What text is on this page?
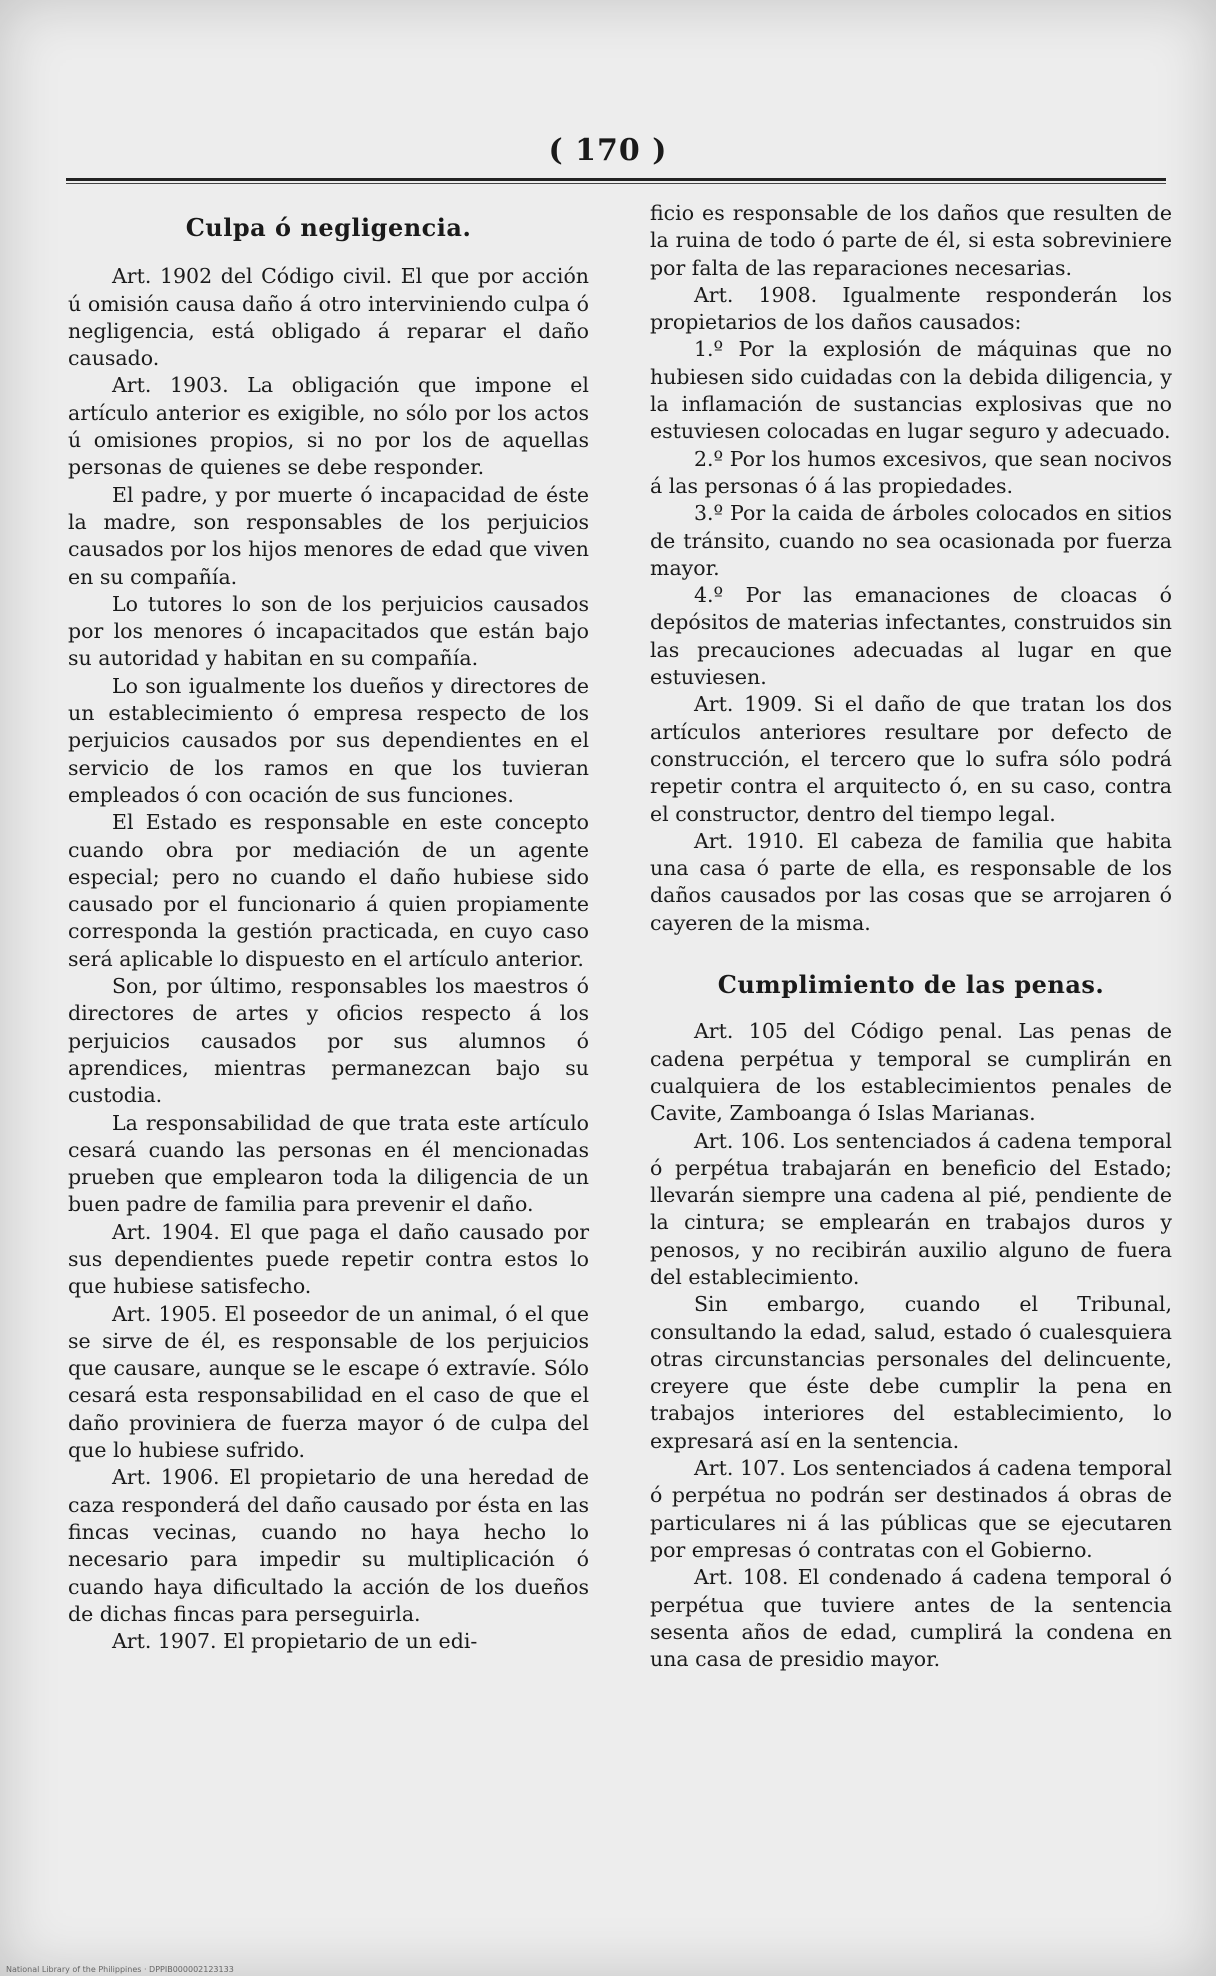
( 170 )
Culpa ó negligencia.

Art. 1902 del Código civil. El que por acción ú omisión causa daño á otro interviniendo culpa ó negligencia, está obligado á reparar el daño causado.

Art. 1903. La obligación que impone el artículo anterior es exigible, no sólo por los actos ú omisiones propios, si no por los de aquellas personas de quienes se debe responder.

El padre, y por muerte ó incapacidad de éste la madre, son responsables de los perjuicios causados por los hijos menores de edad que viven en su compañía.

Lo tutores lo son de los perjuicios causados por los menores ó incapacitados que están bajo su autoridad y habitan en su compañía.

Lo son igualmente los dueños y directores de un establecimiento ó empresa respecto de los perjuicios causados por sus dependientes en el servicio de los ramos en que los tuvieran empleados ó con ocación de sus funciones.

El Estado es responsable en este concepto cuando obra por mediación de un agente especial; pero no cuando el daño hubiese sido causado por el funcionario á quien propiamente corresponda la gestión practicada, en cuyo caso será aplicable lo dispuesto en el artículo anterior.

Son, por último, responsables los maestros ó directores de artes y oficios respecto á los perjuicios causados por sus alumnos ó aprendices, mientras permanezcan bajo su custodia.

La responsabilidad de que trata este artículo cesará cuando las personas en él mencionadas prueben que emplearon toda la diligencia de un buen padre de familia para prevenir el daño.

Art. 1904. El que paga el daño causado por sus dependientes puede repetir contra estos lo que hubiese satisfecho.

Art. 1905. El poseedor de un animal, ó el que se sirve de él, es responsable de los perjuicios que causare, aunque se le escape ó extravíe. Sólo cesará esta responsabilidad en el caso de que el daño proviniera de fuerza mayor ó de culpa del que lo hubiese sufrido.

Art. 1906. El propietario de una heredad de caza responderá del daño causado por ésta en las fincas vecinas, cuando no haya hecho lo necesario para impedir su multiplicación ó cuando haya dificultado la acción de los dueños de dichas fincas para perseguirla.

Art. 1907. El propietario de un edi-

ficio es responsable de los daños que resulten de la ruina de todo ó parte de él, si esta sobreviniere por falta de las reparaciones necesarias.

Art. 1908. Igualmente responderán los propietarios de los daños causados:

1.º Por la explosión de máquinas que no hubiesen sido cuidadas con la debida diligencia, y la inflamación de sustancias explosivas que no estuviesen colocadas en lugar seguro y adecuado.

2.º Por los humos excesivos, que sean nocivos á las personas ó á las propiedades.

3.º Por la caida de árboles colocados en sitios de tránsito, cuando no sea ocasionada por fuerza mayor.

4.º Por las emanaciones de cloacas ó depósitos de materias infectantes, construidos sin las precauciones adecuadas al lugar en que estuviesen.

Art. 1909. Si el daño de que tratan los dos artículos anteriores resultare por defecto de construcción, el tercero que lo sufra sólo podrá repetir contra el arquitecto ó, en su caso, contra el constructor, dentro del tiempo legal.

Art. 1910. El cabeza de familia que habita una casa ó parte de ella, es responsable de los daños causados por las cosas que se arrojaren ó cayeren de la misma.

Cumplimiento de las penas.

Art. 105 del Código penal. Las penas de cadena perpétua y temporal se cumplirán en cualquiera de los establecimientos penales de Cavite, Zamboanga ó Islas Marianas.

Art. 106. Los sentenciados á cadena temporal ó perpétua trabajarán en beneficio del Estado; llevarán siempre una cadena al pié, pendiente de la cintura; se emplearán en trabajos duros y penosos, y no recibirán auxilio alguno de fuera del establecimiento.

Sin embargo, cuando el Tribunal, consultando la edad, salud, estado ó cualesquiera otras circunstancias personales del delincuente, creyere que éste debe cumplir la pena en trabajos interiores del establecimiento, lo expresará así en la sentencia.

Art. 107. Los sentenciados á cadena temporal ó perpétua no podrán ser destinados á obras de particulares ni á las públicas que se ejecutaren por empresas ó contratas con el Gobierno.

Art. 108. El condenado á cadena temporal ó perpétua que tuviere antes de la sentencia sesenta años de edad, cumplirá la condena en una casa de presidio mayor.

National Library of the Philippines · DPPIB000002123133
